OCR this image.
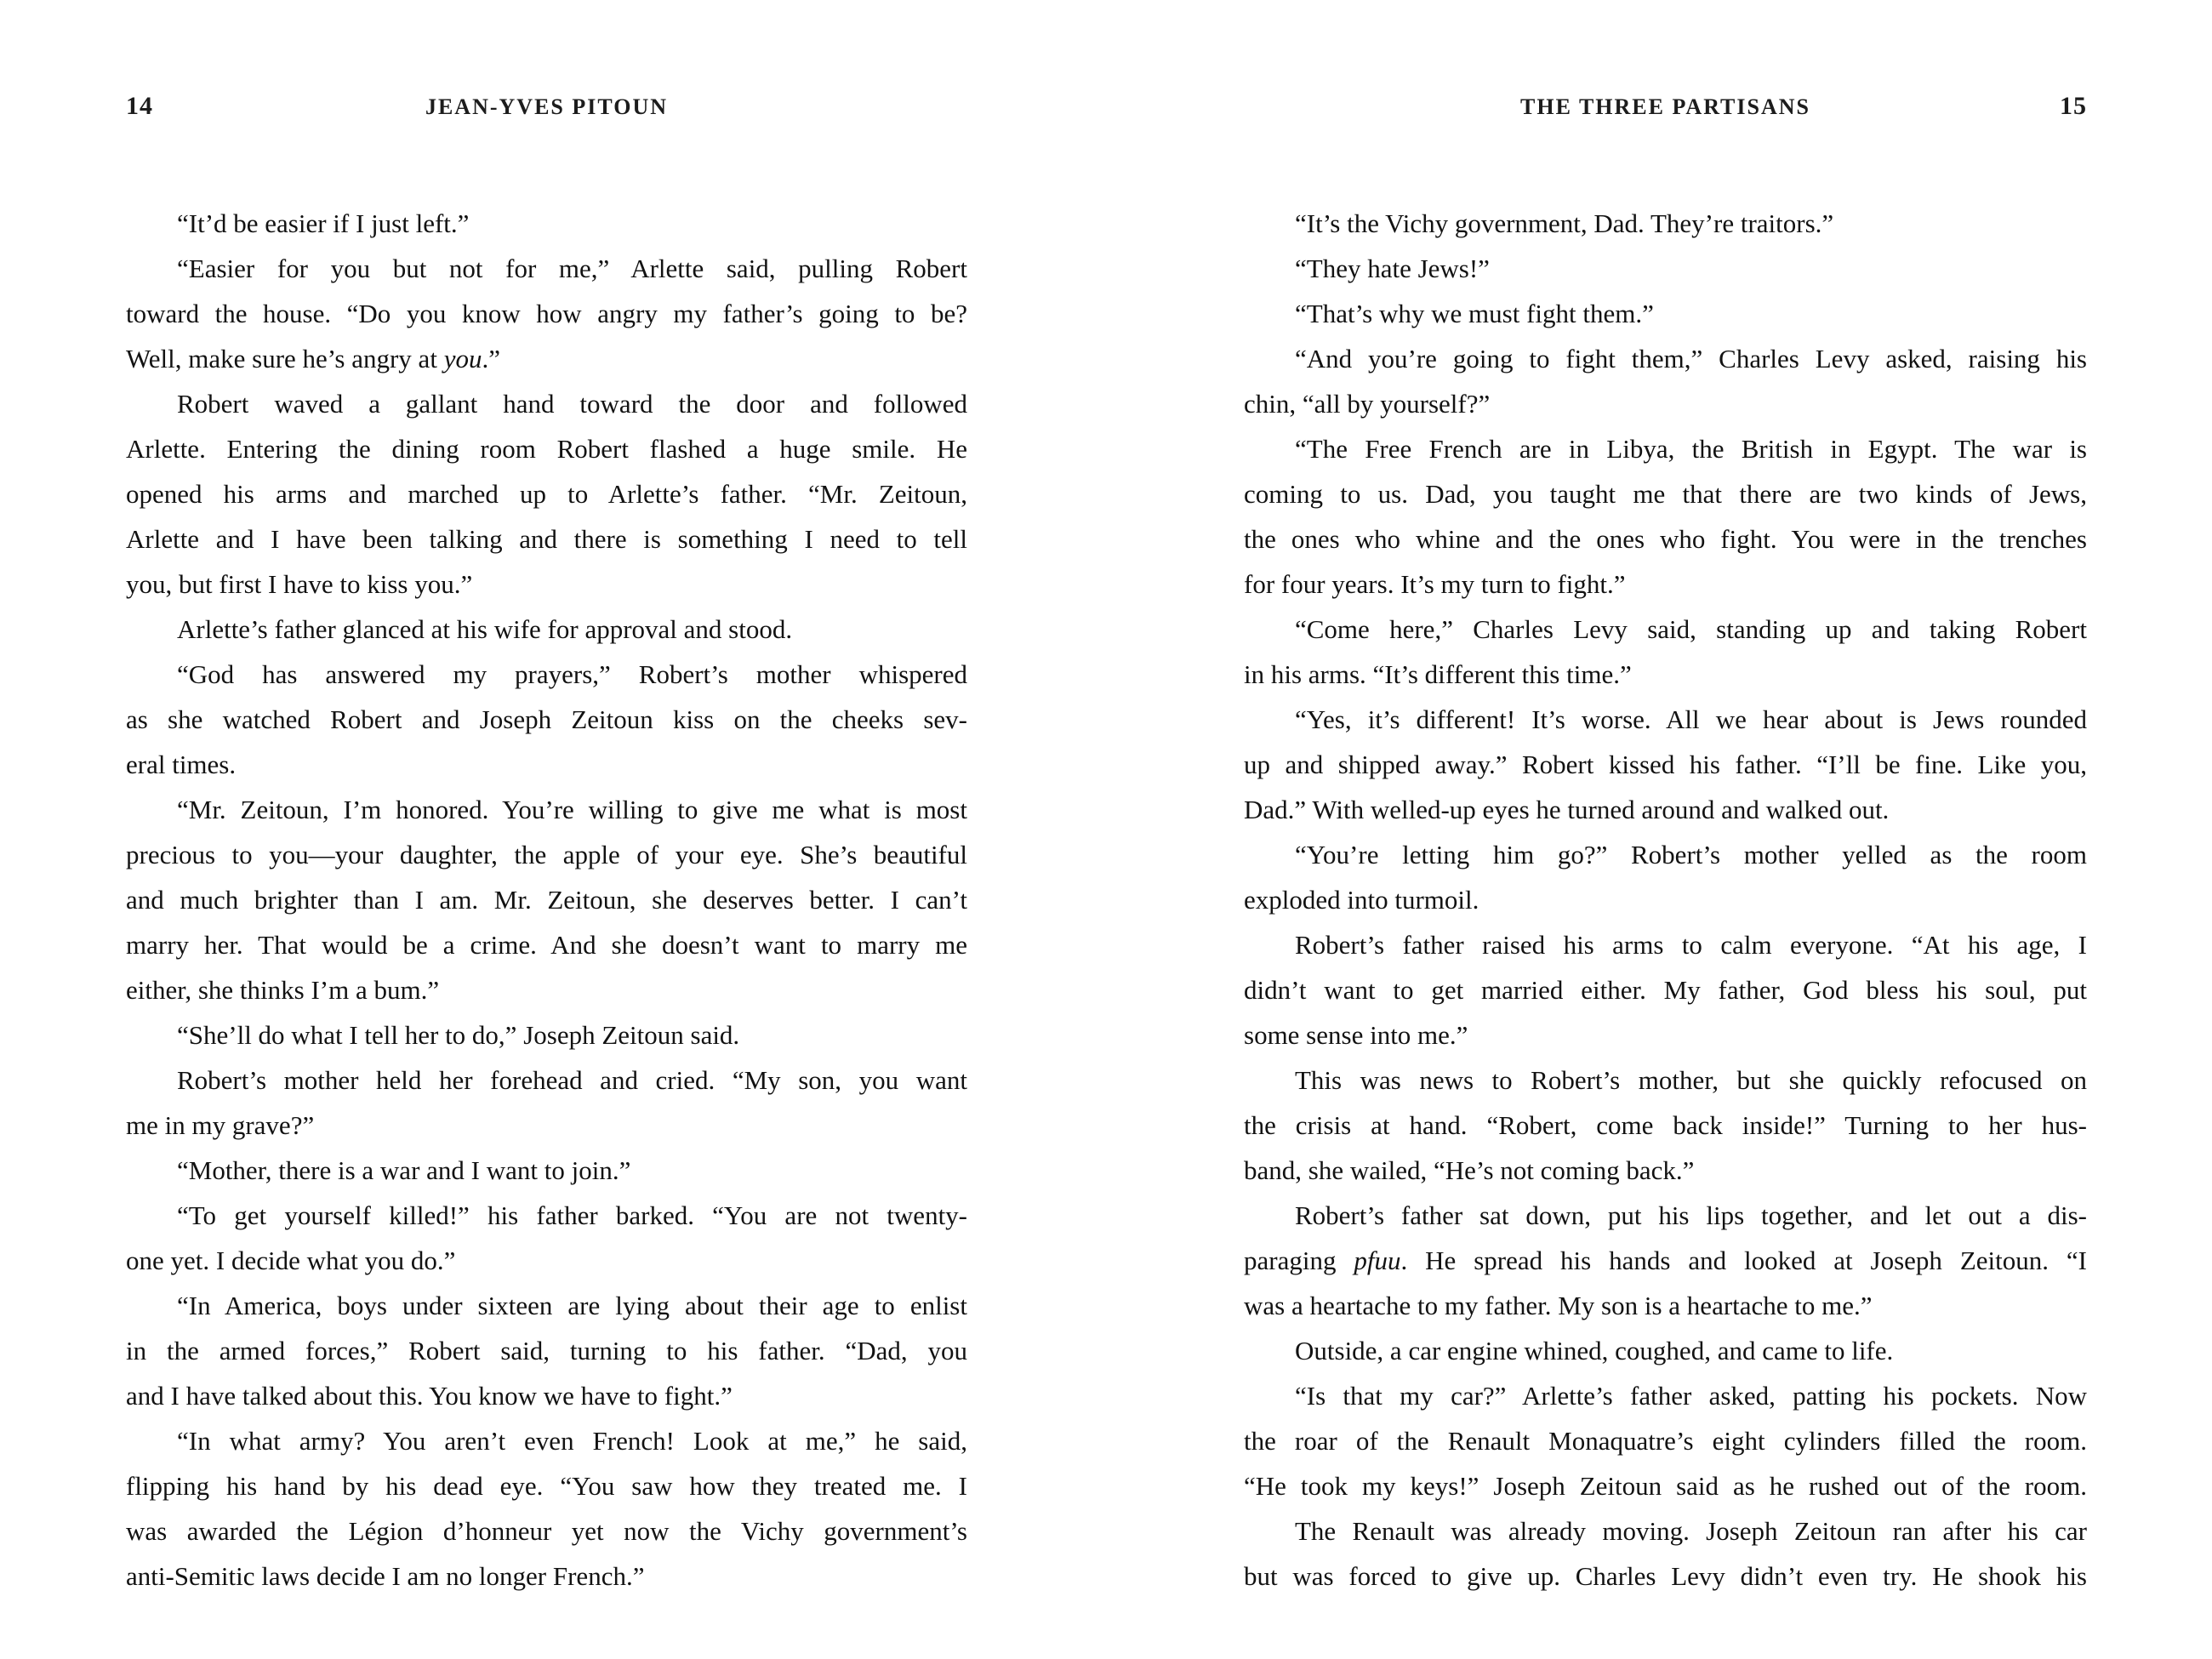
14	JEAN-YVES PITOUN
“It’d be easier if I just left.”
“Easier for you but not for me,” Arlette said, pulling Robert
toward the house. “Do you know how angry my father’s going to be?
Well, make sure he’s angry at you.”
Robert waved a gallant hand toward the door and followed
Arlette. Entering the dining room Robert flashed a huge smile. He
opened his arms and marched up to Arlette’s father. “Mr. Zeitoun,
Arlette and I have been talking and there is something I need to tell
you, but first I have to kiss you.”
Arlette’s father glanced at his wife for approval and stood.
“God has answered my prayers,” Robert’s mother whispered
as she watched Robert and Joseph Zeitoun kiss on the cheeks sev-
eral times.
“Mr. Zeitoun, I’m honored. You’re willing to give me what is most
precious to you—your daughter, the apple of your eye. She’s beautiful
and much brighter than I am. Mr. Zeitoun, she deserves better. I can’t
marry her. That would be a crime. And she doesn’t want to marry me
either, she thinks I’m a bum.”
“She’ll do what I tell her to do,” Joseph Zeitoun said.
Robert’s mother held her forehead and cried. “My son, you want
me in my grave?”
“Mother, there is a war and I want to join.”
“To get yourself killed!” his father barked. “You are not twenty-
one yet. I decide what you do.”
“In America, boys under sixteen are lying about their age to enlist
in the armed forces,” Robert said, turning to his father. “Dad, you
and I have talked about this. You know we have to fight.”
“In what army? You aren’t even French! Look at me,” he said,
flipping his hand by his dead eye. “You saw how they treated me. I
was awarded the Légion d’honneur yet now the Vichy government’s
anti-Semitic laws decide I am no longer French.”
THE THREE PARTISANS	15
“It’s the Vichy government, Dad. They’re traitors.”
“They hate Jews!”
“That’s why we must fight them.”
“And you’re going to fight them,” Charles Levy asked, raising his
chin, “all by yourself?”
“The Free French are in Libya, the British in Egypt. The war is
coming to us. Dad, you taught me that there are two kinds of Jews,
the ones who whine and the ones who fight. You were in the trenches
for four years. It’s my turn to fight.”
“Come here,” Charles Levy said, standing up and taking Robert
in his arms. “It’s different this time.”
“Yes, it’s different! It’s worse. All we hear about is Jews rounded
up and shipped away.” Robert kissed his father. “I’ll be fine. Like you,
Dad.” With welled-up eyes he turned around and walked out.
“You’re letting him go?” Robert’s mother yelled as the room
exploded into turmoil.
Robert’s father raised his arms to calm everyone. “At his age, I
didn’t want to get married either. My father, God bless his soul, put
some sense into me.”
This was news to Robert’s mother, but she quickly refocused on
the crisis at hand. “Robert, come back inside!” Turning to her hus-
band, she wailed, “He’s not coming back.”
Robert’s father sat down, put his lips together, and let out a dis-
paraging pfuu. He spread his hands and looked at Joseph Zeitoun. “I
was a heartache to my father. My son is a heartache to me.”
Outside, a car engine whined, coughed, and came to life.
“Is that my car?” Arlette’s father asked, patting his pockets. Now
the roar of the Renault Monaquatre’s eight cylinders filled the room.
“He took my keys!” Joseph Zeitoun said as he rushed out of the room.
The Renault was already moving. Joseph Zeitoun ran after his car
but was forced to give up. Charles Levy didn’t even try. He shook his
